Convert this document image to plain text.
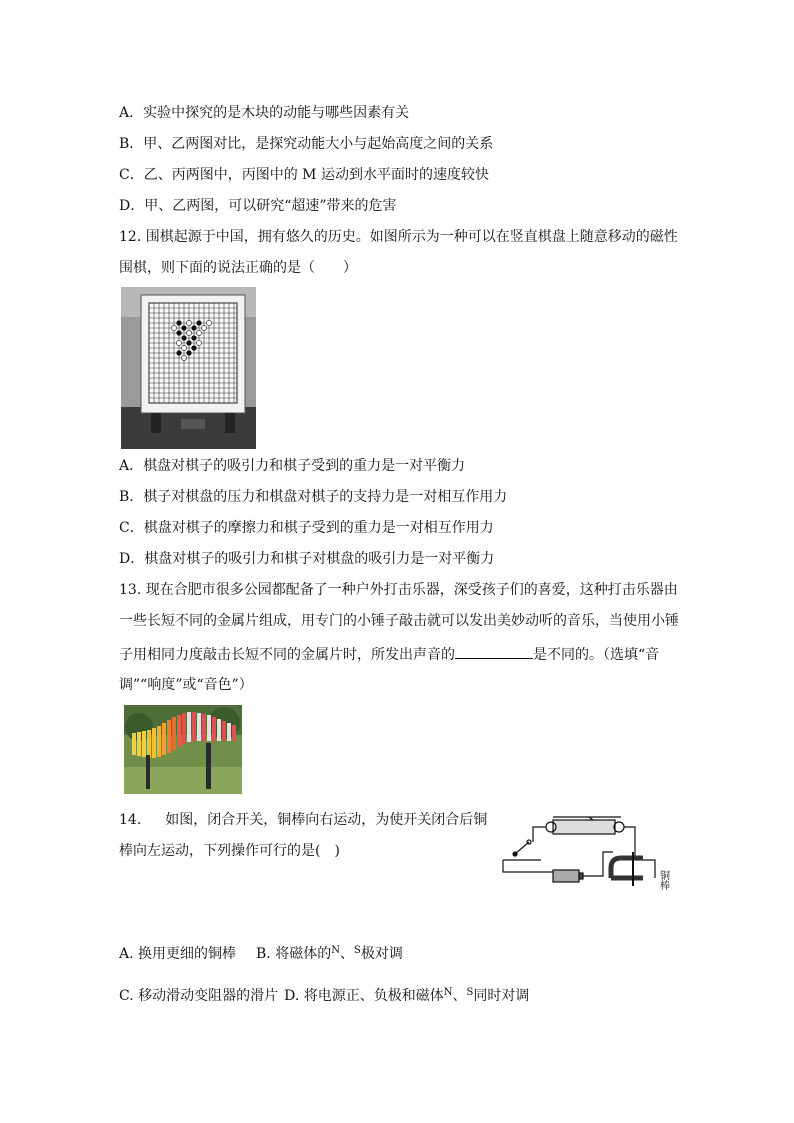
A．实验中探究的是木块的动能与哪些因素有关
B．甲、乙两图对比，是探究动能大小与起始高度之间的关系
C．乙、丙两图中，丙图中的 M 运动到水平面时的速度较快
D．甲、乙两图，可以研究“超速”带来的危害
12. 围棋起源于中国，拥有悠久的历史。如图所示为一种可以在竖直棋盘上随意移动的磁性
围棋，则下面的说法正确的是（　　）
A．棋盘对棋子的吸引力和棋子受到的重力是一对平衡力
B．棋子对棋盘的压力和棋盘对棋子的支持力是一对相互作用力
C．棋盘对棋子的摩擦力和棋子受到的重力是一对相互作用力
D．棋盘对棋子的吸引力和棋子对棋盘的吸引力是一对平衡力
13. 现在合肥市很多公园都配备了一种户外打击乐器，深受孩子们的喜爱，这种打击乐器由
一些长短不同的金属片组成，用专门的小锤子敲击就可以发出美妙动听的音乐，当使用小锤
子用相同力度敲击长短不同的金属片时，所发出声音的	是不同的。（选填“音
调”“响度”或“音色”）
14. 如图，闭合开关，铜棒向右运动，为使开关闭合后铜
棒向左运动，下列操作可行的是(　)
铜棒
A. 换用更细的铜棒 B. 将磁体的$^N$、$^S$极对调
C. 移动滑动变阻器的滑片 D. 将电源正、负极和磁体$^N$、$^S$同时对调
